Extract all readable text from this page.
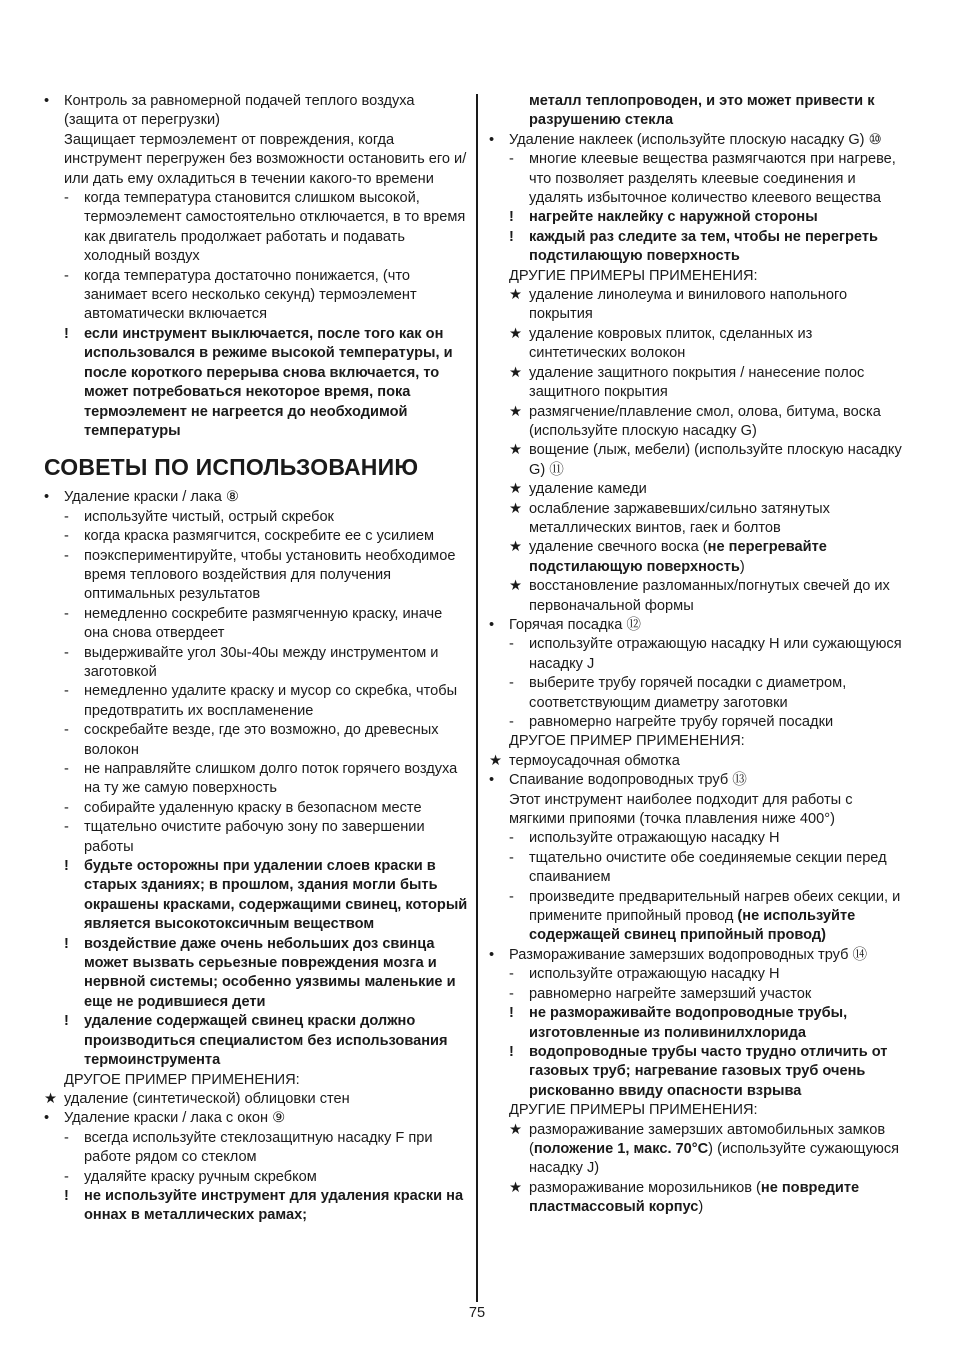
• Контроль за равномерной подачей теплого воздуха (защита от перегрузки)
Защищает термоэлемент от повреждения, когда инструмент перегружен без возможности остановить его и/или дать ему охладиться в течении какого-то времени
- когда температура становится слишком высокой, термоэлемент самостоятельно отключается, в то время как двигатель продолжает работать и подавать холодный воздух
- когда температура достаточно понижается, (что занимает всего несколько секунд) термоэлемент автоматически включается
! если инструмент выключается, после того как он использовался в режиме высокой температуры, и после короткого перерыва снова включается, то может потребоваться некоторое время, пока термоэлемент не нагреется до необходимой температуры
СОВЕТЫ ПО ИСПОЛЬЗОВАНИЮ
• Удаление краски / лака ⑧
- используйте чистый, острый скребок
- когда краска размягчится, соскребите ее с усилием
- поэкспериментируйте, чтобы установить необходимое время теплового воздействия для получения оптимальных результатов
- немедленно соскребите размягченную краску, иначе она снова отвердеет
- выдерживайте угол 30ы-40ы между инструментом и заготовкой
- немедленно удалите краску и мусор со скребка, чтобы предотвратить их воспламенение
- соскребайте везде, где это возможно, до древесных волокон
- не направляйте слишком долго поток горячего воздуха на ту же самую поверхность
- собирайте удаленную краску в безопасном месте
- тщательно очистите рабочую зону по завершении работы
! будьте осторожны при удалении слоев краски в старых зданиях; в прошлом, здания могли быть окрашены красками, содержащими свинец, который является высокотоксичным веществом
! воздействие даже очень небольших доз свинца может вызвать серьезные повреждения мозга и нервной системы; особенно уязвимы маленькие и еще не родившиеся дети
! удаление содержащей свинец краски должно производиться специалистом без использования термоинструмента
ДРУГОЕ ПРИМЕР ПРИМЕНЕНИЯ:
★ удаление (синтетической) облицовки стен
• Удаление краски / лака с окон ⑨
- всегда используйте стеклозащитную насадку F при работе рядом со стеклом
- удаляйте краску ручным скребком
! не используйте инструмент для удаления краски на оннах в металлических рамах;
металл теплопроводен, и это может привести к разрушению стекла
• Удаление наклеек (используйте плоскую насадку G) ⑩
- многие клеевые вещества размягчаются при нагреве, что позволяет разделять клеевые соединения и удалять избыточное количество клеевого вещества
! нагрейте наклейку с наружной стороны
! каждый раз следите за тем, чтобы не перегреть подстилающую поверхность
ДРУГИЕ ПРИМЕРЫ ПРИМЕНЕНИЯ:
★ удаление линолеума и винилового напольного покрытия
★ удаление ковровых плиток, сделанных из синтетических волокон
★ удаление защитного покрытия / нанесение полос защитного покрытия
★ размягчение/плавление смол, олова, битума, воска (используйте плоскую насадку G)
★ вощение (лыж, мебели) (используйте плоскую насадку G) ⑪
★ удаление камеди
★ ослабление заржавевших/сильно затянутых металлических винтов, гаек и болтов
★ удаление свечного воска (не перегревайте подстилающую поверхность)
★ восстановление разломанных/погнутых свечей до их первоначальной формы
• Горячая посадка ⑫
- используйте отражающую насадку H или сужающуюся насадку J
- выберите трубу горячей посадки с диаметром, соответствующим диаметру заготовки
- равномерно нагрейте трубу горячей посадки
ДРУГОЕ ПРИМЕР ПРИМЕНЕНИЯ:
★ термоусадочная обмотка
• Спаивание водопроводных труб ⑬
Этот инструмент наиболее подходит для работы с мягкими припоями (точка плавления ниже 400°)
- используйте отражающую насадку H
- тщательно очистите обе соединяемые секции перед спаиванием
- произведите предварительный нагрев обеих секции, и примените припойный провод (не используйте содержащей свинец припойный провод)
• Размораживание замерзших водопроводных труб ⑭
- используйте отражающую насадку H
- равномерно нагрейте замерзший участок
! не размораживайте водопроводные трубы, изготовленные из поливинилхлорида
! водопроводные трубы часто трудно отличить от газовых труб; нагревание газовых труб очень рискованно ввиду опасности взрыва
ДРУГИЕ ПРИМЕРЫ ПРИМЕНЕНИЯ:
★ размораживание замерзших автомобильных замков (положение 1, макс. 70°C) (используйте сужающуюся насадку J)
★ размораживание морозильников (не повредите пластмассовый корпус)
75
